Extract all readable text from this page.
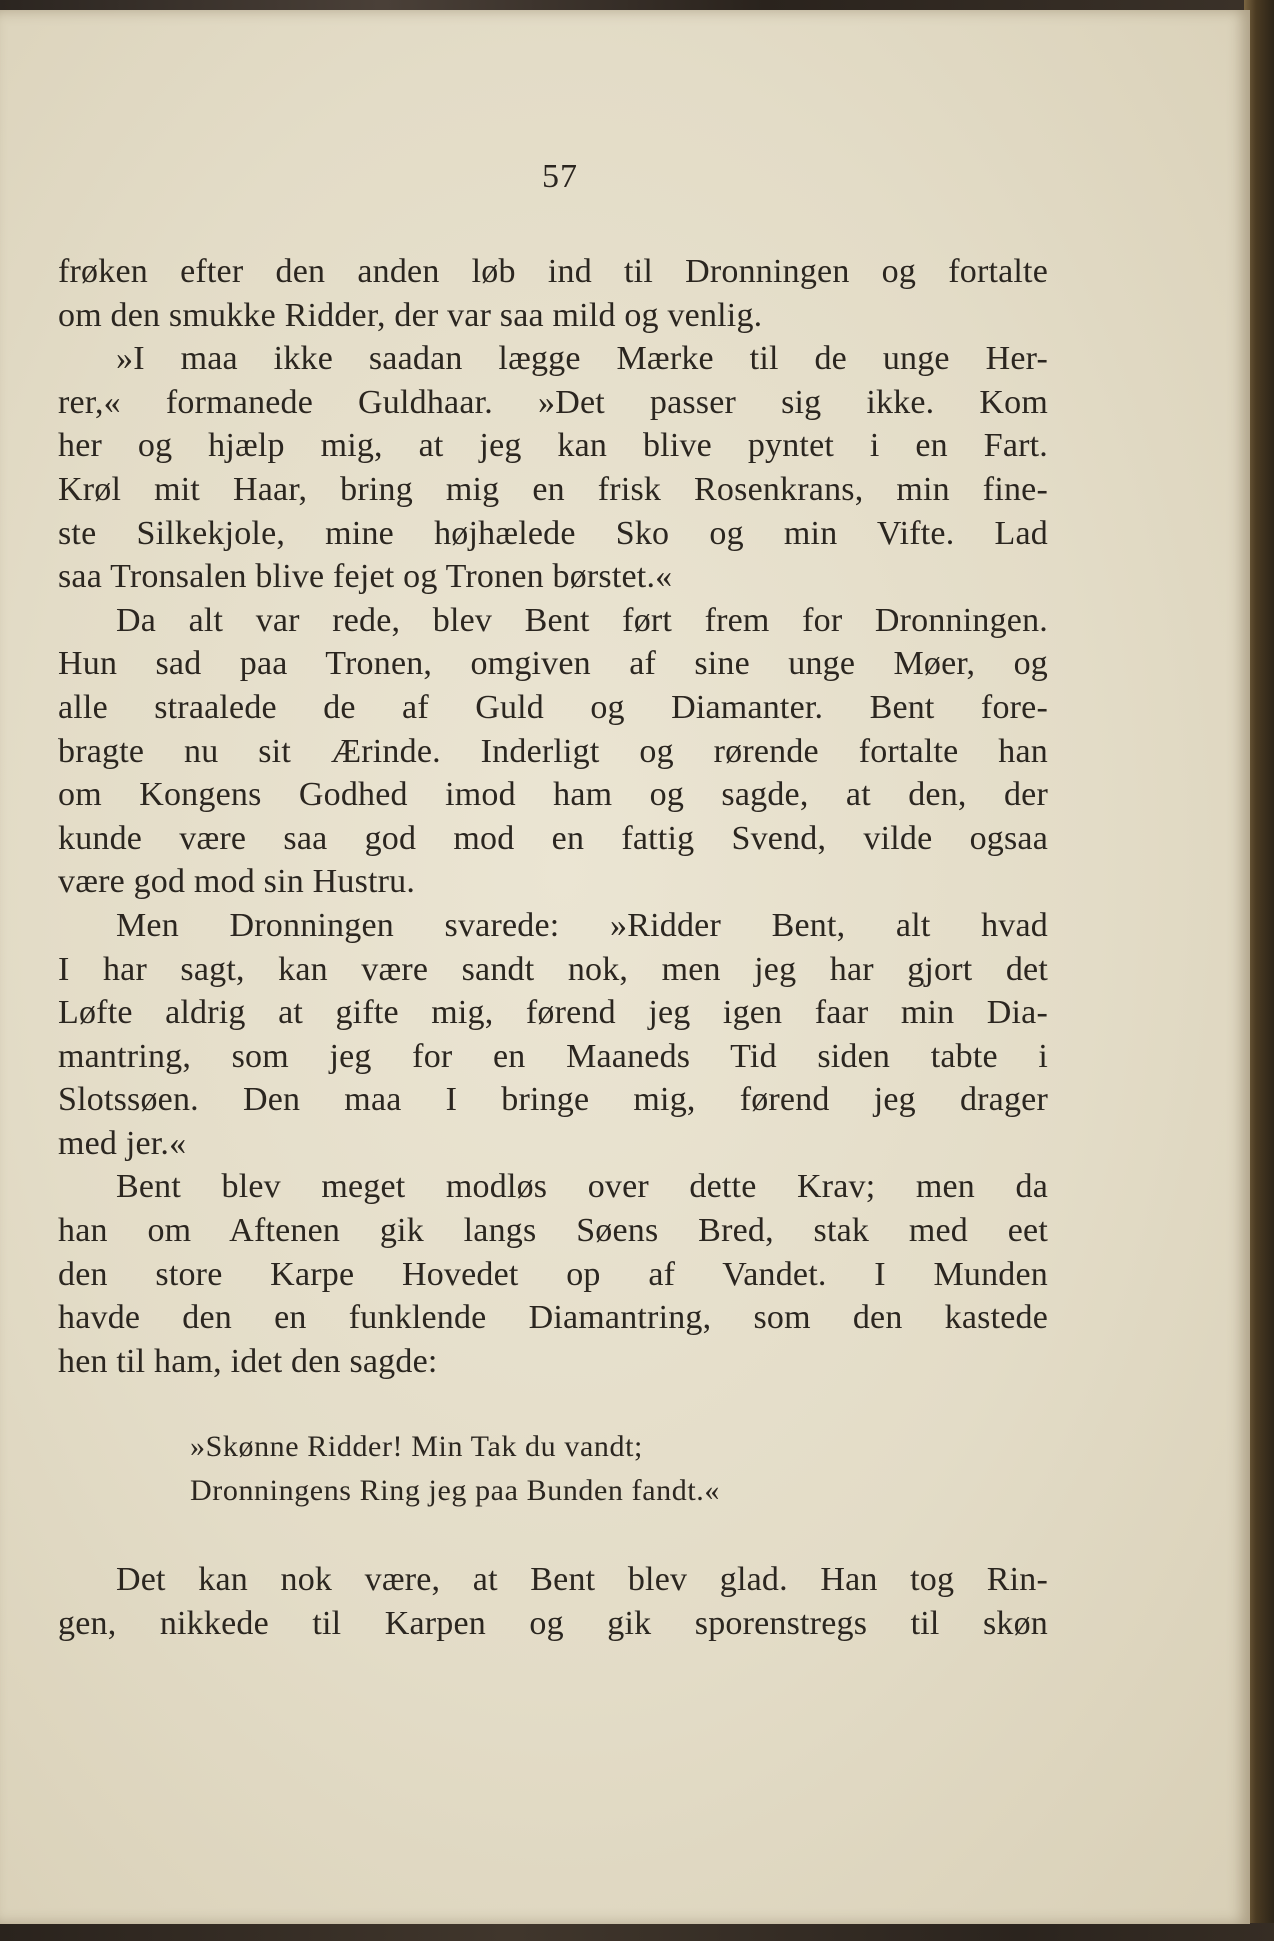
57
frøken efter den anden løb ind til Dronningen og fortalte
om den smukke Ridder, der var saa mild og venlig.
»I maa ikke saadan lægge Mærke til de unge Her-
rer,« formanede Guldhaar. »Det passer sig ikke. Kom
her og hjælp mig, at jeg kan blive pyntet i en Fart.
Krøl mit Haar, bring mig en frisk Rosenkrans, min fine-
ste Silkekjole, mine højhælede Sko og min Vifte. Lad
saa Tronsalen blive fejet og Tronen børstet.«
Da alt var rede, blev Bent ført frem for Dronningen.
Hun sad paa Tronen, omgiven af sine unge Møer, og
alle straalede de af Guld og Diamanter. Bent fore-
bragte nu sit Ærinde. Inderligt og rørende fortalte han
om Kongens Godhed imod ham og sagde, at den, der
kunde være saa god mod en fattig Svend, vilde ogsaa
være god mod sin Hustru.
Men Dronningen svarede: »Ridder Bent, alt hvad
I har sagt, kan være sandt nok, men jeg har gjort det
Løfte aldrig at gifte mig, førend jeg igen faar min Dia-
mantring, som jeg for en Maaneds Tid siden tabte i
Slotssøen. Den maa I bringe mig, førend jeg drager
med jer.«
Bent blev meget modløs over dette Krav; men da
han om Aftenen gik langs Søens Bred, stak med eet
den store Karpe Hovedet op af Vandet. I Munden
havde den en funklende Diamantring, som den kastede
hen til ham, idet den sagde:
»Skønne Ridder! Min Tak du vandt;
Dronningens Ring jeg paa Bunden fandt.«
Det kan nok være, at Bent blev glad. Han tog Rin-
gen, nikkede til Karpen og gik sporenstregs til skøn
